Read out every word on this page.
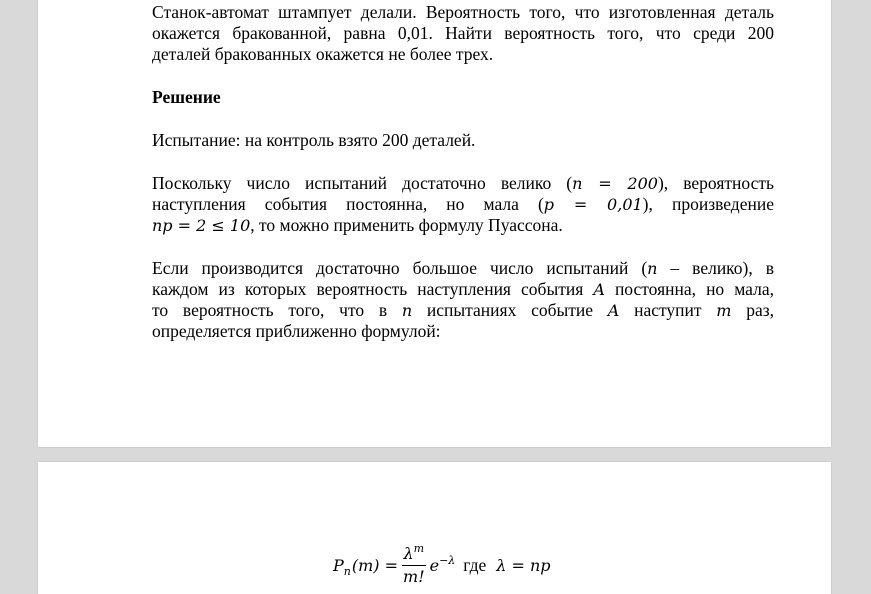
Станок-автомат штампует делали. Вероятность того, что изготовленная деталь
окажется бракованной, равна 0,01. Найти вероятность того, что среди 200
деталей бракованных окажется не более трех.
Решение
Испытание: на контроль взято 200 деталей.
Поскольку число испытаний достаточно велико (n = 200), вероятность
наступления события постоянна, но мала (p = 0,01), произведение
np = 2 ≤ 10, то можно применить формулу Пуассона.
Если производится достаточно большое число испытаний (n – велико), в
каждом из которых вероятность наступления события A постоянна, но мала,
то вероятность того, что в n испытаниях событие A наступит m раз,
определяется приближенно формулой:
$P_n$ $(m) = \frac{\lambda^m}{m!} e^{-\lambda}$ где λ = np
